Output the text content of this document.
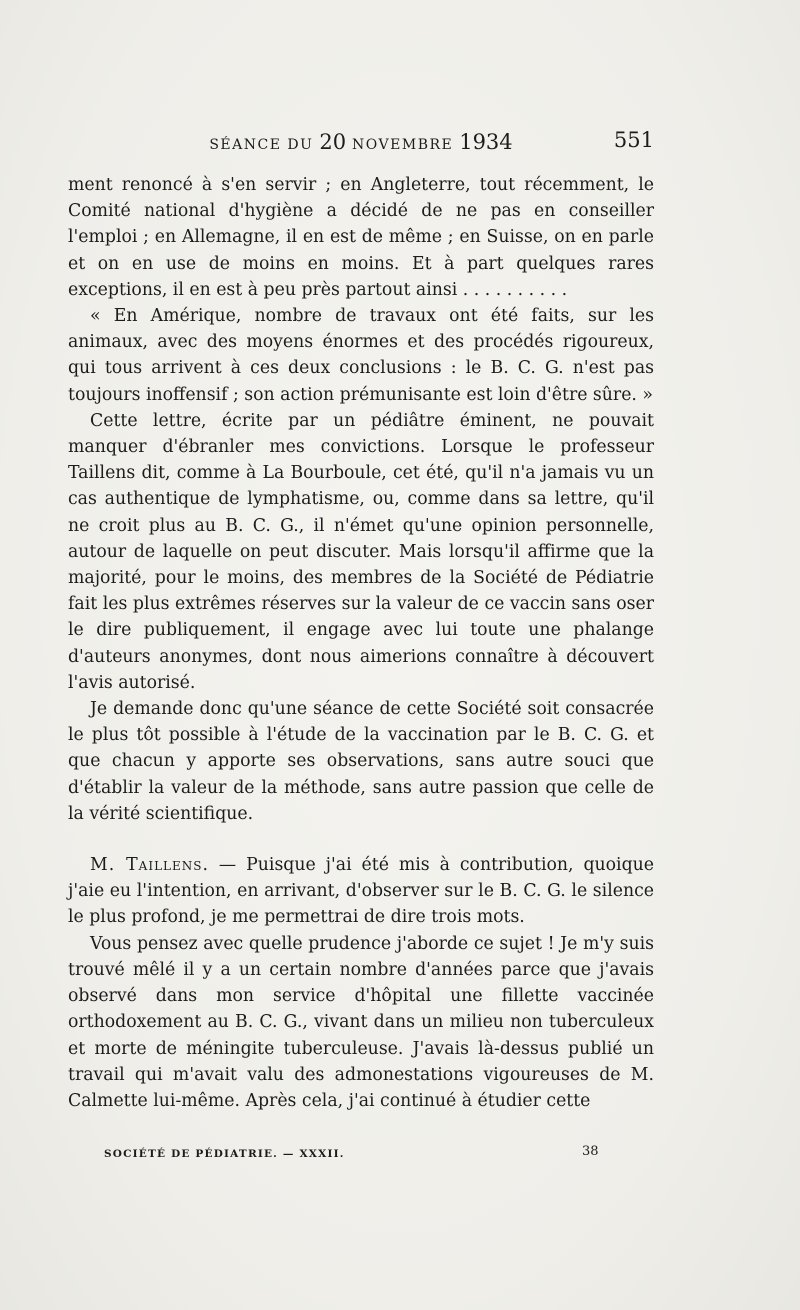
SÉANCE DU 20 NOVEMBRE 1934	551

ment renoncé à s'en servir ; en Angleterre, tout récemment, le Comité national d'hygiène a décidé de ne pas en conseiller l'emploi ; en Allemagne, il en est de même ; en Suisse, on en parle et on en use de moins en moins. Et à part quelques rares exceptions, il en est à peu près partout ainsi . . . . . . . . . .

« En Amérique, nombre de travaux ont été faits, sur les animaux, avec des moyens énormes et des procédés rigoureux, qui tous arrivent à ces deux conclusions : le B. C. G. n'est pas toujours inoffensif ; son action prémunisante est loin d'être sûre. »

Cette lettre, écrite par un pédiâtre éminent, ne pouvait manquer d'ébranler mes convictions. Lorsque le professeur Taillens dit, comme à La Bourboule, cet été, qu'il n'a jamais vu un cas authentique de lymphatisme, ou, comme dans sa lettre, qu'il ne croit plus au B. C. G., il n'émet qu'une opinion personnelle, autour de laquelle on peut discuter. Mais lorsqu'il affirme que la majorité, pour le moins, des membres de la Société de Pédiatrie fait les plus extrêmes réserves sur la valeur de ce vaccin sans oser le dire publiquement, il engage avec lui toute une phalange d'auteurs anonymes, dont nous aimerions connaître à découvert l'avis autorisé.

Je demande donc qu'une séance de cette Société soit consacrée le plus tôt possible à l'étude de la vaccination par le B. C. G. et que chacun y apporte ses observations, sans autre souci que d'établir la valeur de la méthode, sans autre passion que celle de la vérité scientifique.

M. Taillens. — Puisque j'ai été mis à contribution, quoique j'aie eu l'intention, en arrivant, d'observer sur le B. C. G. le silence le plus profond, je me permettrai de dire trois mots.

Vous pensez avec quelle prudence j'aborde ce sujet ! Je m'y suis trouvé mêlé il y a un certain nombre d'années parce que j'avais observé dans mon service d'hôpital une fillette vaccinée orthodoxement au B. C. G., vivant dans un milieu non tuberculeux et morte de méningite tuberculeuse. J'avais là-dessus publié un travail qui m'avait valu des admonestations vigoureuses de M. Calmette lui-même. Après cela, j'ai continué à étudier cette

SOCIÉTÉ DE PÉDIATRIE. — XXXII.	38
